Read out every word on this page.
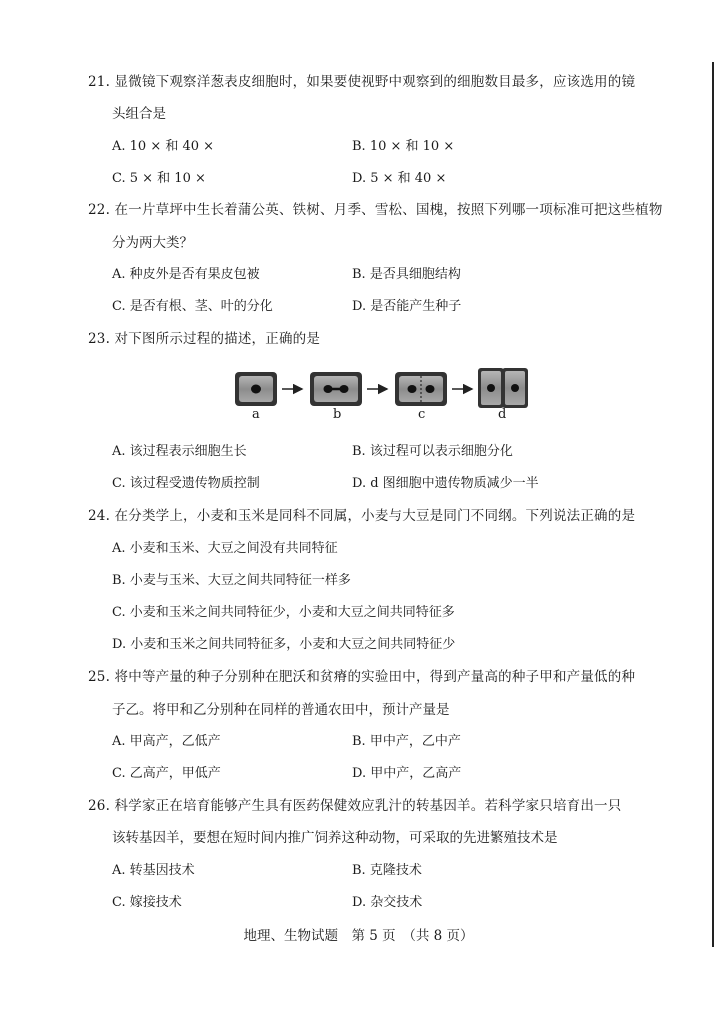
21. 显微镜下观察洋葱表皮细胞时，如果要使视野中观察到的细胞数目最多，应该选用的镜
头组合是
A. 10 × 和 40 ×	B. 10 × 和 10 ×
C. 5 × 和 10 ×	D. 5 × 和 40 ×
22. 在一片草坪中生长着蒲公英、铁树、月季、雪松、国槐，按照下列哪一项标准可把这些植物
分为两大类？
A. 种皮外是否有果皮包被	B. 是否具细胞结构
C. 是否有根、茎、叶的分化	D. 是否能产生种子
23. 对下图所示过程的描述，正确的是
a	b	c	d
A. 该过程表示细胞生长	B. 该过程可以表示细胞分化
C. 该过程受遗传物质控制	D. d 图细胞中遗传物质减少一半
24. 在分类学上，小麦和玉米是同科不同属，小麦与大豆是同门不同纲。下列说法正确的是
A. 小麦和玉米、大豆之间没有共同特征
B. 小麦与玉米、大豆之间共同特征一样多
C. 小麦和玉米之间共同特征少，小麦和大豆之间共同特征多
D. 小麦和玉米之间共同特征多，小麦和大豆之间共同特征少
25. 将中等产量的种子分别种在肥沃和贫瘠的实验田中，得到产量高的种子甲和产量低的种
子乙。将甲和乙分别种在同样的普通农田中，预计产量是
A. 甲高产，乙低产	B. 甲中产，乙中产
C. 乙高产，甲低产	D. 甲中产，乙高产
26. 科学家正在培育能够产生具有医药保健效应乳汁的转基因羊。若科学家只培育出一只
该转基因羊，要想在短时间内推广饲养这种动物，可采取的先进繁殖技术是
A. 转基因技术	B. 克隆技术
C. 嫁接技术	D. 杂交技术
地理、生物试题　第 5 页　（共 8 页）
